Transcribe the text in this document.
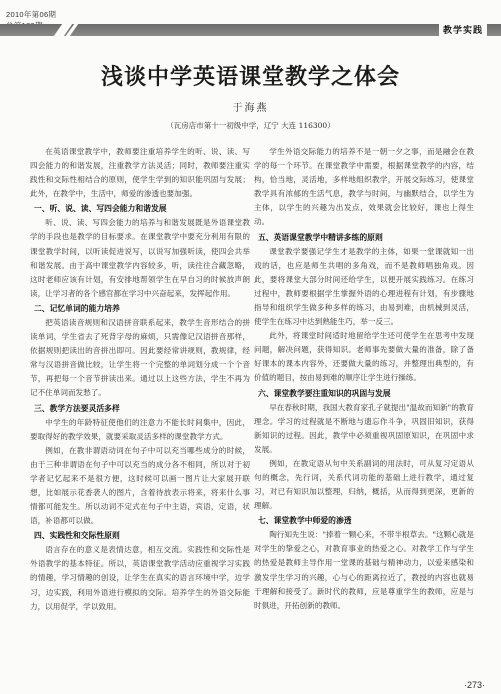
2010年第06期
教学实践
浅谈中学英语课堂教学之体会
于海燕
（瓦房店市第十一初级中学，辽宁 大连 116300）

在英语课堂教学中，教师要注重培养学生的听、说、读、写四会能力的和谐发展，注重教学方法灵活；同时，教师要注重实践性和交际性相结合的原则，使学生学到的知识能巩固与发展；此外，在教学中，生活中，师爱的渗透也要加强。

一、听、说、读、写四会能力和谐发展

听、说、读、写四会能力的培养与和谐发展既是外语课堂教学的手段也是教学的目标要求。在课堂教学中要充分利用有限的课堂教学时间，以听读促进说写，以说写加强听读，使四会共举和谐发展。由于高中课堂教学内容较多，听，读往往合藏忽略，这时老师应该有计划，有安排地帮领学生在早自习的时候放声朗读，让学习者的各个感官都在学习中兴奋起来，发挥起作用。

二、记忆单词的能力培养

把英语读音规则和汉语拼音联系起来，教学生音形结合的拼读单词，学生省去了死背字母的麻烦，只需像记汉语拼音那样，依据规则把读出的音拼出即可。因此要经常讲规则，教规律，经常与汉语拼音做比较，让学生将一个完整的单词划分成一个个音节，再把每一个音节拼读出来。通过以上这些方法，学生不再为记不住单词而发愁了。

三、教学方法要灵活多样

中学生的年龄特征使他们的注意力不能长时间集中，因此，要取得好的教学效果，就要采取灵活多样的课堂教学方式。

例如，在教非谓语动词在句子中可以充当哪些成分的时候，由于三种非谓语在句子中可以充当的成分各不相同，所以对于初学者记忆起来不是很方便，这时候可以画一图片让大家展开联想，比如展示花香袭人的图片，含着待放表示将来，将来什么事情都可能发生。所以动词不定式在句子中主语，宾语，定语，状语，补语都可以做。

四、实践性和交际性原则

语言存在的意义是表情达意，相互交流。实践性和交际性是外语教学的基本特征。所以，英语课堂教学活动应重视学习实践的情趣，学习情趣的创设，让学生在真实的语言环境中学，边学习，边实践，利用外语进行模拟的交际。培养学生的外语交际能力，以用促学，学以致用。

学生外语交际能力的培养不是一朝一夕之事，而是融会在教学的每一个环节。在课堂教学中需要，根据课堂教学的内容，结构，恰当地，灵活地，多样地组织教学，开展交际练习，使课堂教学具有浓郁的生活气息，教学与时间，与幽默结合，以学生为主体，以学生的兴趣为出发点，效果就会比较好，课也上得生动。

五、英语课堂教学中精讲多练的原则

课堂教学要强记学生才是教学的主体，如果一堂课就知一出戏的话，也应是师生共唱的多角戏，而不是教师唱独角戏。因此，要将课堂大部分时间还给学生，以便开展实践练习。在练习过程中，教师要根据学生掌握外语的心理进程有计划，有步骤地指导和组织学生做多种多样的练习，由易到难，由机械到灵活，使学生在练习中达到熟能生巧，举一反三。

此外，将课堂时间适时地留给学生还可使学生在思考中发现问题，解决问题，获得知识。老师事先要做大量的准备，除了备好课本的课本内容外，还要做大量的练习，并整理出典型的，有价值的题目，按由易到难的顺序让学生进行操练。

六、课堂教学要注重知识的巩固与发展

早在春秋时期，我国大教育家孔子就提出"温故而知新"的教育理念。学习的过程就是不断地与遗忘作斗争，巩固旧知识，获得新知识的过程。因此，教学中必须重视巩固原知识，在巩固中求发展。

例如，在教定语从句中关系副词的用法时，可从复习定语从句的概念，先行词，关系代词功能的基础上进行教学，通过复习，对已有知识加以整理，归纳，概括，从而得到更深，更新的理解。

七、课堂教学中师爱的渗透

陶行知先生说："捧着一颗心来，不带半根草去。"这颗心就是对学生的挚爱之心，对教育事业的热爱之心。对教学工作与学生的热爱是教师主导作用一堂课的基础与精神动力，以爱来感染和激发学生学习的兴趣，心与心的距离拉近了，教授的内容也就易于理解和接受了。新时代的教师，应是尊重学生的教师，应是与时俱进，开拓创新的教师。

·273·
